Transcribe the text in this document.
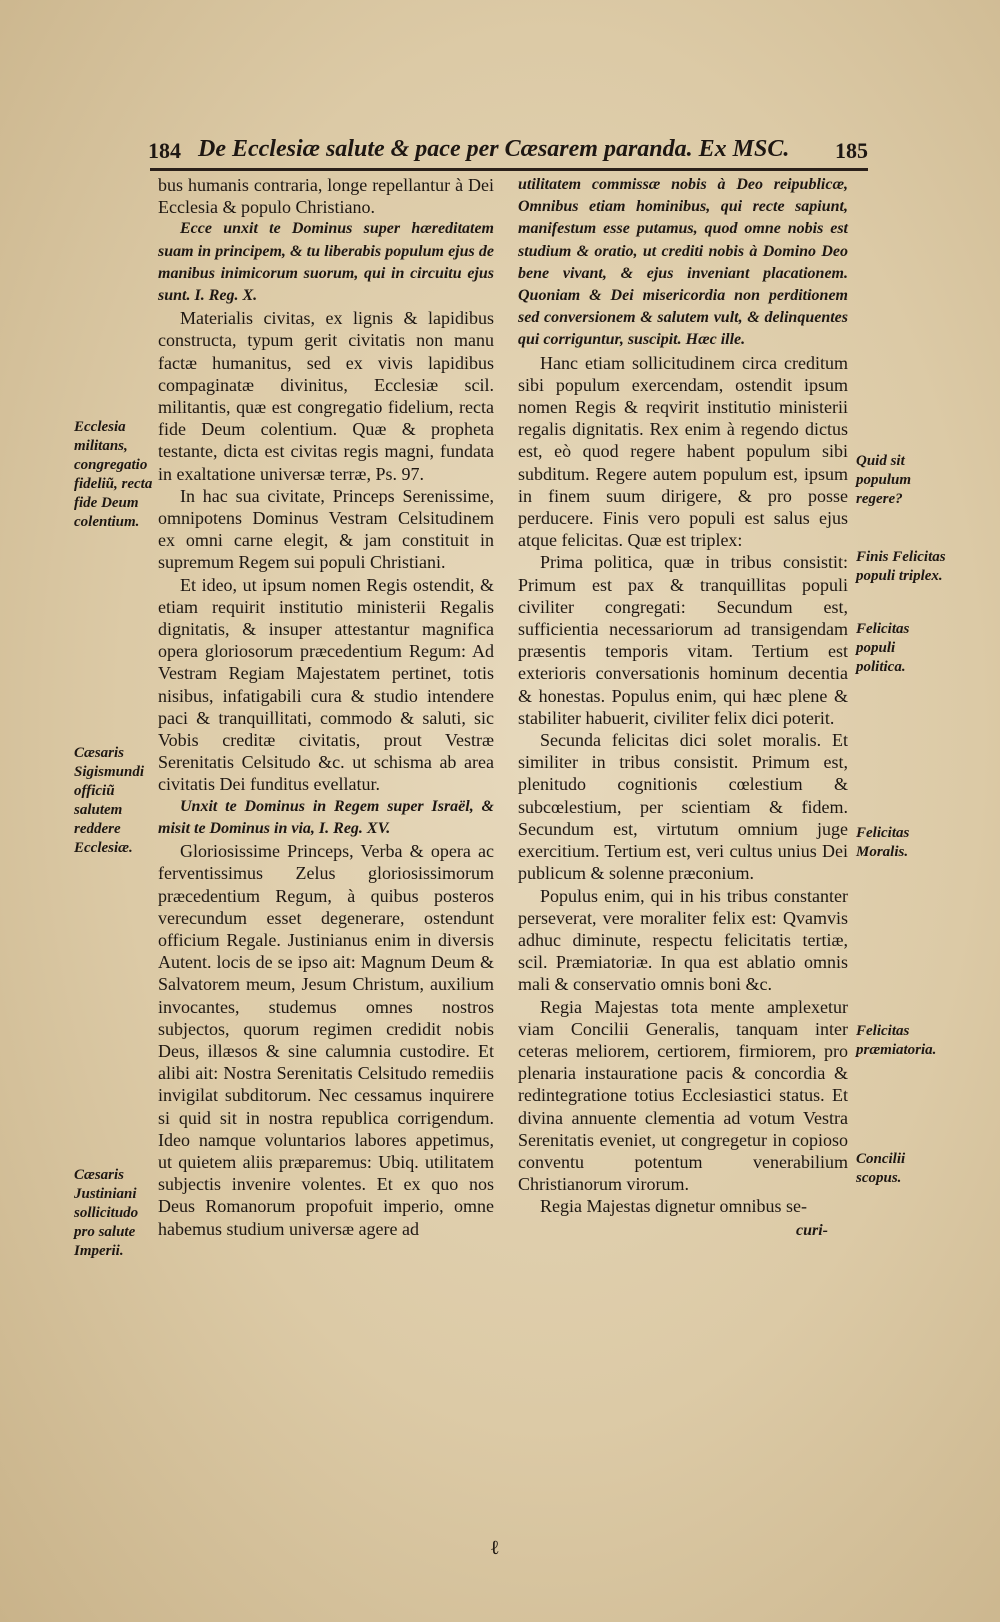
184 De Ecclesiæ salute & pace per Cæsarem paranda. Ex MSC. 185

bus humanis contraria, longe repellantur à Dei Ecclesia & populo Christiano.

Ecce unxit te Dominus super hæreditatem suam in principem, & tu liberabis populum ejus de manibus inimicorum suorum, qui in circuitu ejus sunt. I. Reg. X.

Materialis civitas, ex lignis & lapidibus constructa, typum gerit civitatis non manu factæ humanitus, sed ex vivis lapidibus compaginatæ divinitus, Ecclesiæ scil. militantis, quæ est congregatio fidelium, recta fide Deum colentium. Quæ & propheta testante, dicta est civitas regis magni, fundata in exaltatione universæ terræ, Ps. 97.

In hac sua civitate, Princeps Serenissime, omnipotens Dominus Vestram Celsitudinem ex omni carne elegit, & jam constituit in supremum Regem sui populi Christiani.

Et ideo, ut ipsum nomen Regis ostendit, & etiam requirit institutio ministerii Regalis dignitatis, & insuper attestantur magnifica opera gloriosorum præcedentium Regum: Ad Vestram Regiam Majestatem pertinet, totis nisibus, infatigabili cura & studio intendere paci & tranquillitati, commodo & saluti, sic Vobis creditæ civitatis, prout Vestræ Serenitatis Celsitudo &c. ut schisma ab area civitatis Dei funditus evellatur.

Unxit te Dominus in Regem super Israël, & misit te Dominus in via, I. Reg. XV.

Gloriosissime Princeps, Verba & opera ac ferventissimus Zelus gloriosissimorum præcedentium Regum, à quibus posteros verecundum esset degenerare, ostendunt officium Regale. Justinianus enim in diversis Autent. locis de se ipso ait: Magnum Deum & Salvatorem meum, Jesum Christum, auxilium invocantes, studemus omnes nostros subjectos, quorum regimen credidit nobis Deus, illæsos & sine calumnia custodire. Et alibi ait: Nostra Serenitatis Celsitudo remediis invigilat subditorum. Nec cessamus inquirere si quid sit in nostra republica corrigendum. Ideo namque voluntarios labores appetimus, ut quietem aliis præparemus: Ubiq. utilitatem subjectis invenire volentes. Et ex quo nos Deus Romanorum propofuit imperio, omne habemus studium universæ agere ad

utilitatem commissæ nobis à Deo reipublicæ, Omnibus etiam hominibus, qui recte sapiunt, manifestum esse putamus, quod omne nobis est studium & oratio, ut crediti nobis à Domino Deo bene vivant, & ejus inveniant placationem. Quoniam & Dei misericordia non perditionem sed conversionem & salutem vult, & delinquentes qui corriguntur, suscipit. Hæc ille.

Hanc etiam sollicitudinem circa creditum sibi populum exercendam, ostendit ipsum nomen Regis & reqvirit institutio ministerii regalis dignitatis. Rex enim à regendo dictus est, eò quod regere habent populum sibi subditum. Regere autem populum est, ipsum in finem suum dirigere, & pro posse perducere. Finis vero populi est salus ejus atque felicitas. Quæ est triplex:

Prima politica, quæ in tribus consistit: Primum est pax & tranquillitas populi civiliter congregati: Secundum est, sufficientia necessariorum ad transigendam præsentis temporis vitam. Tertium est exterioris conversationis hominum decentia & honestas. Populus enim, qui hæc plene & stabiliter habuerit, civiliter felix dici poterit.

Secunda felicitas dici solet moralis. Et similiter in tribus consistit. Primum est, plenitudo cognitionis cœlestium & subcœlestium, per scientiam & fidem. Secundum est, virtutum omnium juge exercitium. Tertium est, veri cultus unius Dei publicum & solenne præconium.

Populus enim, qui in his tribus constanter perseverat, vere moraliter felix est: Qvamvis adhuc diminute, respectu felicitatis tertiæ, scil. Præmiatoriæ. In qua est ablatio omnis mali & conservatio omnis boni &c.

Regia Majestas tota mente amplexetur viam Concilii Generalis, tanquam inter ceteras meliorem, certiorem, firmiorem, pro plenaria instauratione pacis & concordia & redintegratione totius Ecclesiastici status. Et divina annuente clementia ad votum Vestra Serenitatis eveniet, ut congregetur in copioso conventu potentum venerabilium Christianorum virorum.

Regia Majestas dignetur omnibus se-

curi-

Ecclesia militans, congregatio fideliũ, recta fide Deum colentium.
Cæsaris Sigismundi officiũ salutem reddere Ecclesiæ.
Cæsaris Justiniani sollicitudo pro salute Imperii.
Quid sit populum regere?
Finis Felicitas populi triplex.
Felicitas populi politica.
Felicitas Moralis.
Felicitas præmiatoria.
Concilii scopus.
ℓ
